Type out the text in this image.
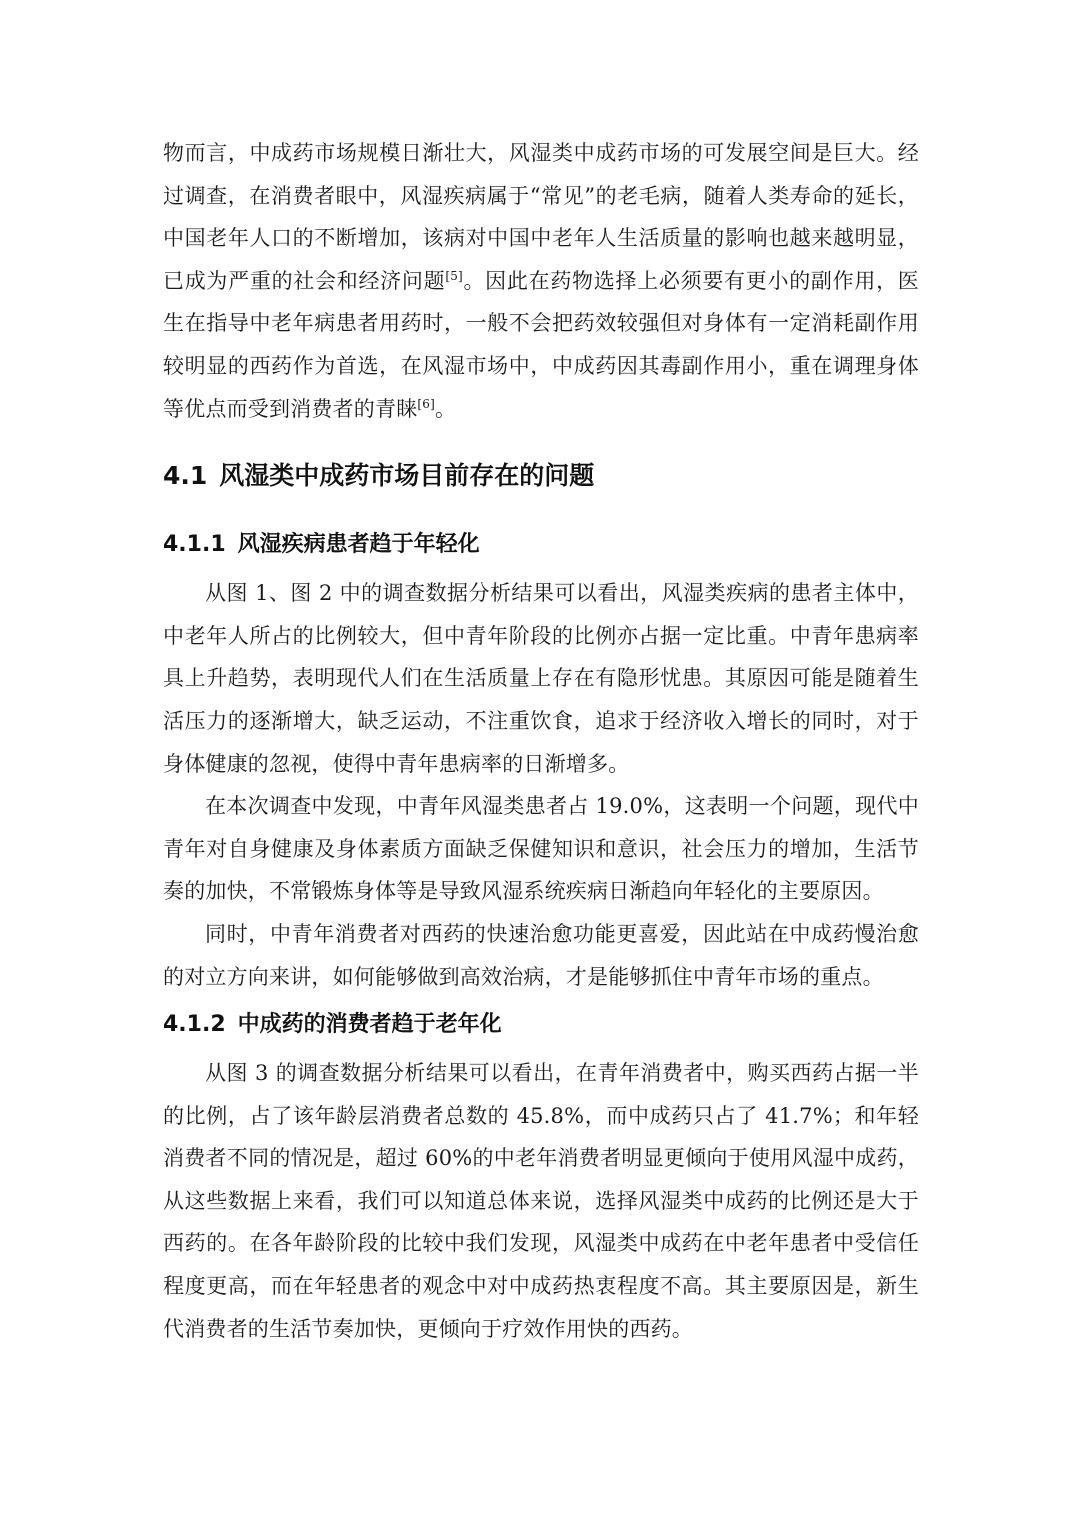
物而言，中成药市场规模日渐壮大，风湿类中成药市场的可发展空间是巨大。经过调查，在消费者眼中，风湿疾病属于“常见”的老毛病，随着人类寿命的延长，中国老年人口的不断增加，该病对中国中老年人生活质量的影响也越来越明显，已成为严重的社会和经济问题[5]。因此在药物选择上必须要有更小的副作用，医生在指导中老年病患者用药时，一般不会把药效较强但对身体有一定消耗副作用较明显的西药作为首选，在风湿市场中，中成药因其毒副作用小，重在调理身体等优点而受到消费者的青睐[6]。

4.1 风湿类中成药市场目前存在的问题
4.1.1 风湿疾病患者趋于年轻化

从图 1、图 2 中的调查数据分析结果可以看出，风湿类疾病的患者主体中，中老年人所占的比例较大，但中青年阶段的比例亦占据一定比重。中青年患病率具上升趋势，表明现代人们在生活质量上存在有隐形忧患。其原因可能是随着生活压力的逐渐增大，缺乏运动，不注重饮食，追求于经济收入增长的同时，对于身体健康的忽视，使得中青年患病率的日渐增多。

在本次调查中发现，中青年风湿类患者占 19.0%，这表明一个问题，现代中青年对自身健康及身体素质方面缺乏保健知识和意识，社会压力的增加，生活节奏的加快，不常锻炼身体等是导致风湿系统疾病日渐趋向年轻化的主要原因。

同时，中青年消费者对西药的快速治愈功能更喜爱，因此站在中成药慢治愈的对立方向来讲，如何能够做到高效治病，才是能够抓住中青年市场的重点。

4.1.2 中成药的消费者趋于老年化

从图 3 的调查数据分析结果可以看出，在青年消费者中，购买西药占据一半的比例，占了该年龄层消费者总数的 45.8%，而中成药只占了 41.7%；和年轻消费者不同的情况是，超过 60%的中老年消费者明显更倾向于使用风湿中成药，从这些数据上来看，我们可以知道总体来说，选择风湿类中成药的比例还是大于西药的。在各年龄阶段的比较中我们发现，风湿类中成药在中老年患者中受信任程度更高，而在年轻患者的观念中对中成药热衷程度不高。其主要原因是，新生代消费者的生活节奏加快，更倾向于疗效作用快的西药。
